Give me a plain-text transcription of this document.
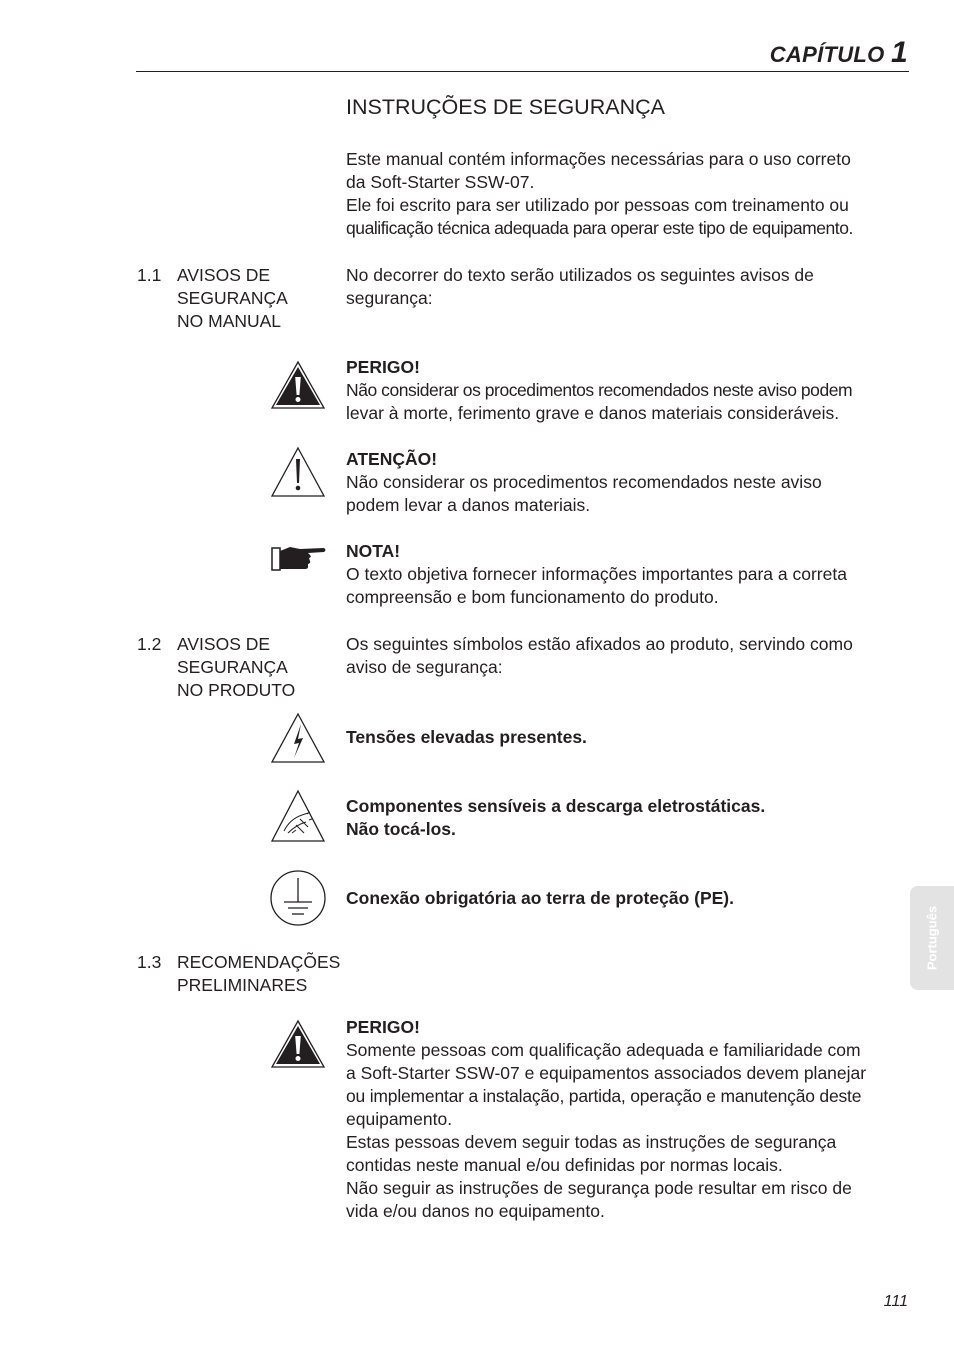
CAPÍTULO 1
INSTRUÇÕES DE SEGURANÇA
Este manual contém informações necessárias para o uso correto
da Soft-Starter SSW-07.
Ele foi escrito para ser utilizado por pessoas com treinamento ou
qualificação técnica adequada para operar este tipo de equipamento.
1.1 AVISOS DE
SEGURANÇA
NO MANUAL
No decorrer do texto serão utilizados os seguintes avisos de
segurança:
PERIGO!
Não considerar os procedimentos recomendados neste aviso podem
levar à morte, ferimento grave e danos materiais consideráveis.
ATENÇÃO!
Não considerar os procedimentos recomendados neste aviso
podem levar a danos materiais.
NOTA!
O texto objetiva fornecer informações importantes para a correta
compreensão e bom funcionamento do produto.
1.2 AVISOS DE
SEGURANÇA
NO PRODUTO
Os seguintes símbolos estão afixados ao produto, servindo como
aviso de segurança:
Tensões elevadas presentes.
Componentes sensíveis a descarga eletrostáticas.
Não tocá-los.
Conexão obrigatória ao terra de proteção (PE).
1.3 RECOMENDAÇÕES
PRELIMINARES
PERIGO!
Somente pessoas com qualificação adequada e familiaridade com
a Soft-Starter SSW-07 e equipamentos associados devem planejar
ou implementar a instalação, partida, operação e manutenção deste
equipamento.
Estas pessoas devem seguir todas as instruções de segurança
contidas neste manual e/ou definidas por normas locais.
Não seguir as instruções de segurança pode resultar em risco de
vida e/ou danos no equipamento.
Português
111
